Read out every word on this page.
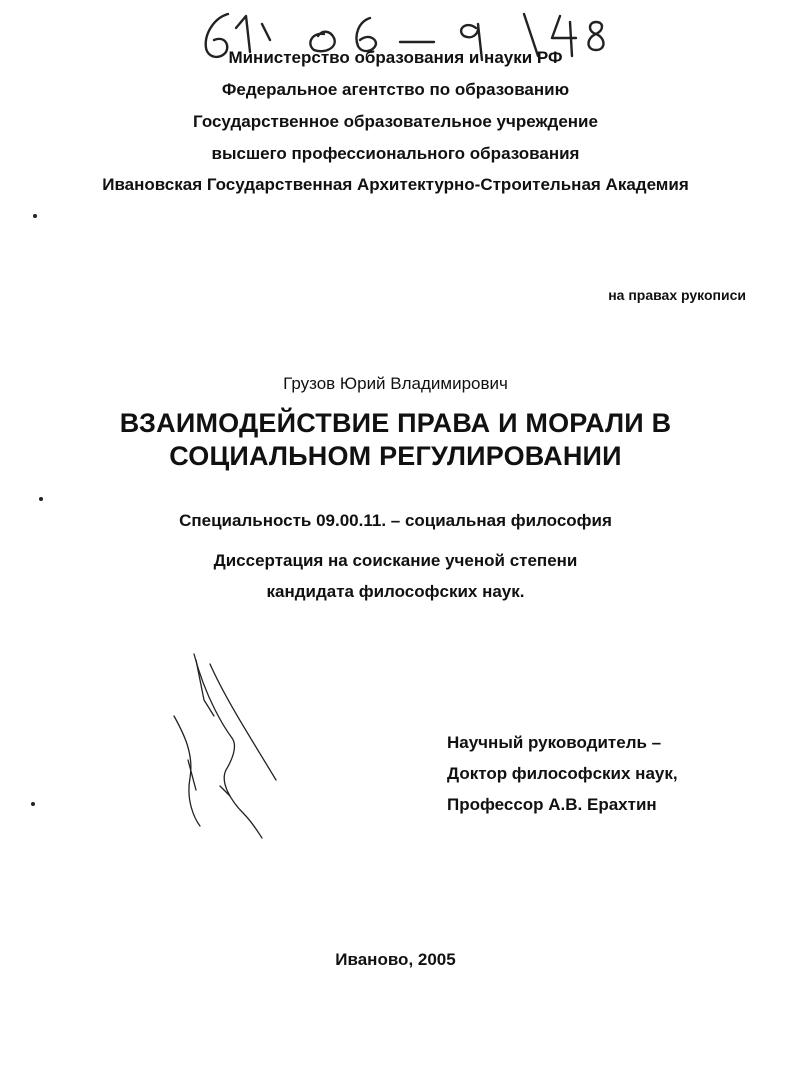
Министерство образования и науки РФ
Федеральное агентство по образованию
Государственное образовательное учреждение
высшего профессионального образования
Ивановская Государственная Архитектурно-Строительная Академия
на правах рукописи
Грузов Юрий Владимирович
ВЗАИМОДЕЙСТВИЕ ПРАВА И МОРАЛИ В
СОЦИАЛЬНОМ РЕГУЛИРОВАНИИ
Специальность 09.00.11. – социальная философия
Диссертация на соискание ученой степени
кандидата философских наук.
Научный руководитель –
Доктор философских наук,
Профессор А.В. Ерахтин
Иваново, 2005
